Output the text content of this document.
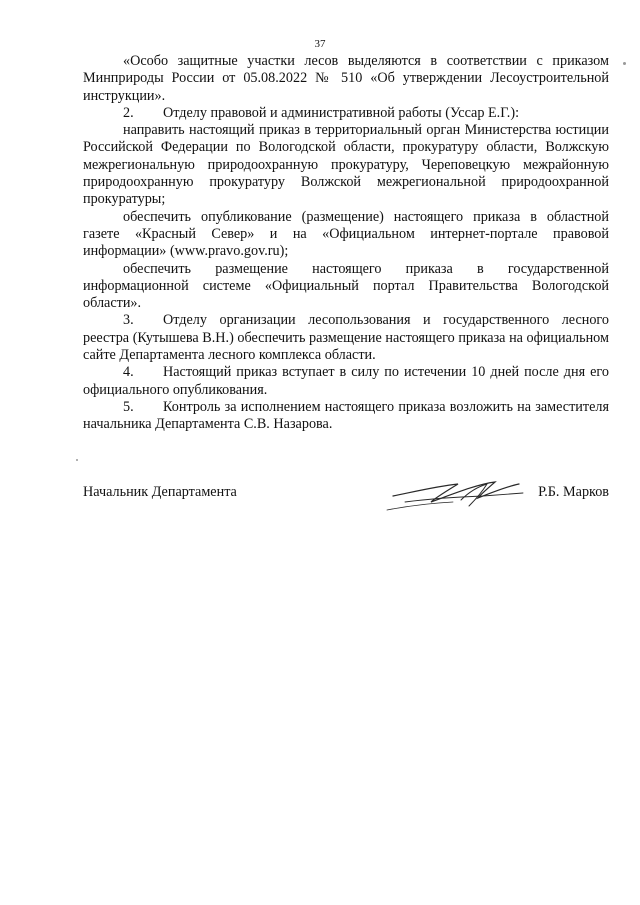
37

«Особо защитные участки лесов выделяются в соответствии с приказом Минприроды России от 05.08.2022 № 510 «Об утверждении Лесоустроительной инструкции».

2. Отделу правовой и административной работы (Уссар Е.Г.):

направить настоящий приказ в территориальный орган Министерства юстиции Российской Федерации по Вологодской области, прокуратуру области, Волжскую межрегиональную природоохранную прокуратуру, Череповецкую межрайонную природоохранную прокуратуру Волжской межрегиональной природоохранной прокуратуры;

обеспечить опубликование (размещение) настоящего приказа в областной газете «Красный Север» и на «Официальном интернет-портале правовой информации» (www.pravo.gov.ru);

обеспечить размещение настоящего приказа в государственной информационной системе «Официальный портал Правительства Вологодской области».

3. Отделу организации лесопользования и государственного лесного реестра (Кутышева В.Н.) обеспечить размещение настоящего приказа на официальном сайте Департамента лесного комплекса области.

4. Настоящий приказ вступает в силу по истечении 10 дней после дня его официального опубликования.

5. Контроль за исполнением настоящего приказа возложить на заместителя начальника Департамента С.В. Назарова.

Начальник Департамента	Р.Б. Марков
